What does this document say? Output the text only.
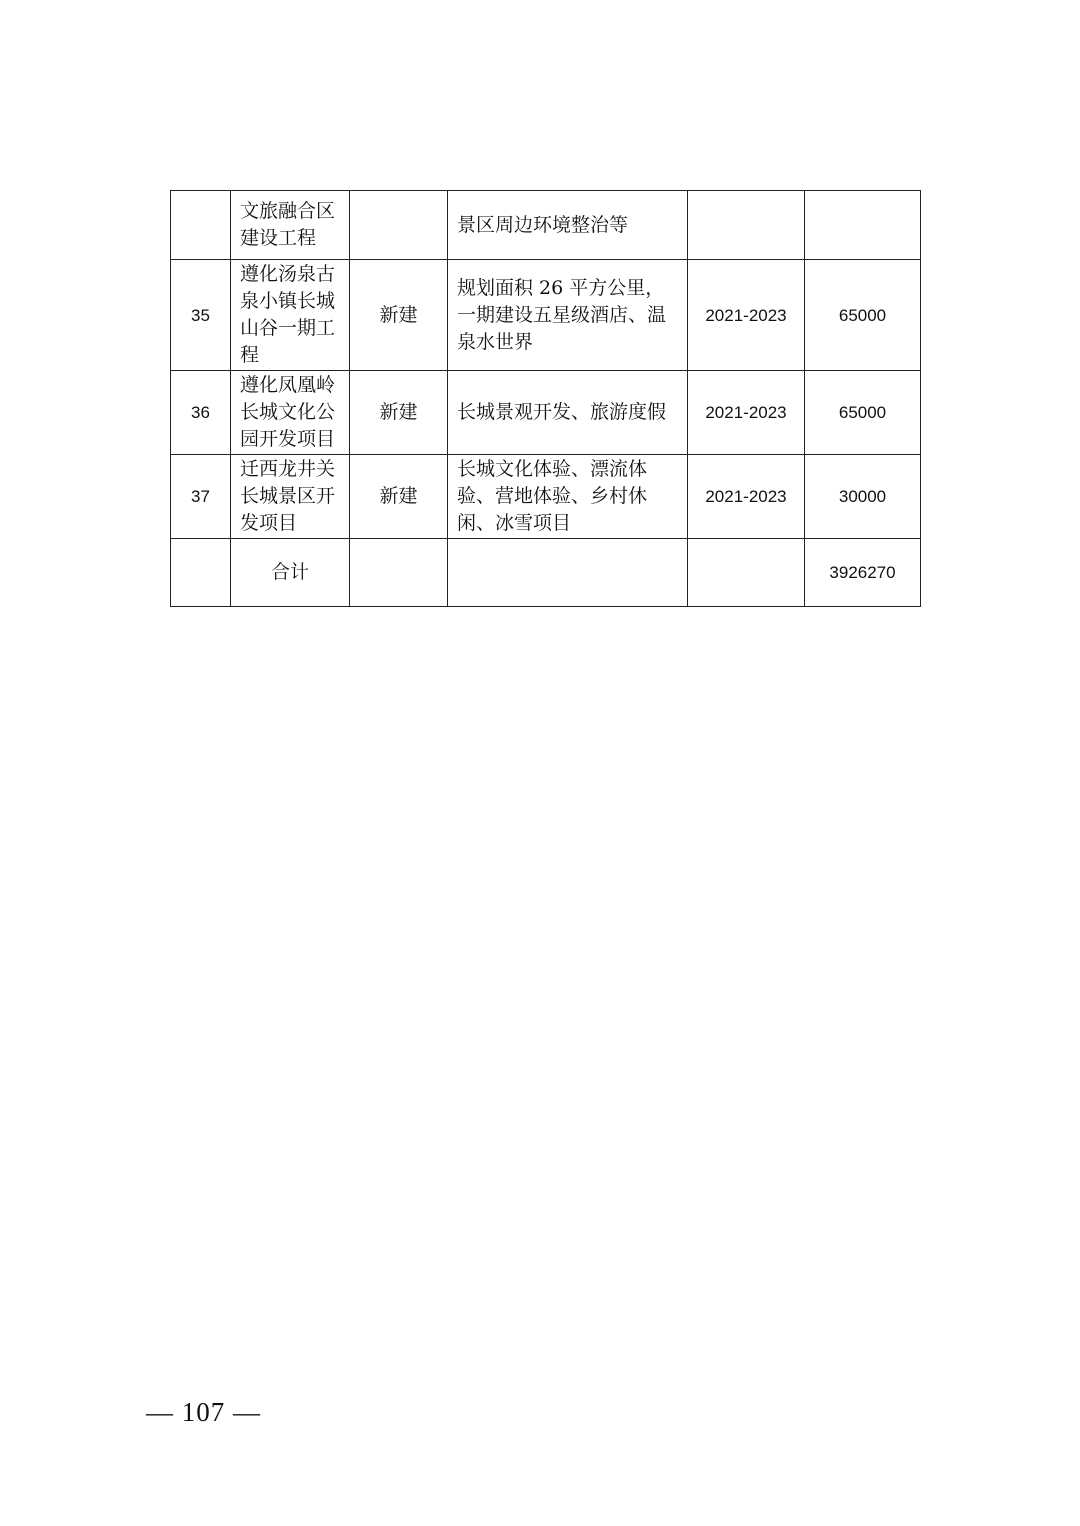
	文旅融合区建设工程		景区周边环境整治等		
35	遵化汤泉古泉小镇长城山谷一期工程	新建	规划面积 26 平方公里，一期建设五星级酒店、温泉水世界	2021-2023	65000
36	遵化凤凰岭长城文化公园开发项目	新建	长城景观开发、旅游度假	2021-2023	65000
37	迁西龙井关长城景区开发项目	新建	长城文化体验、漂流体验、营地体验、乡村休闲、冰雪项目	2021-2023	30000
	合计				3926270
— 107 —
